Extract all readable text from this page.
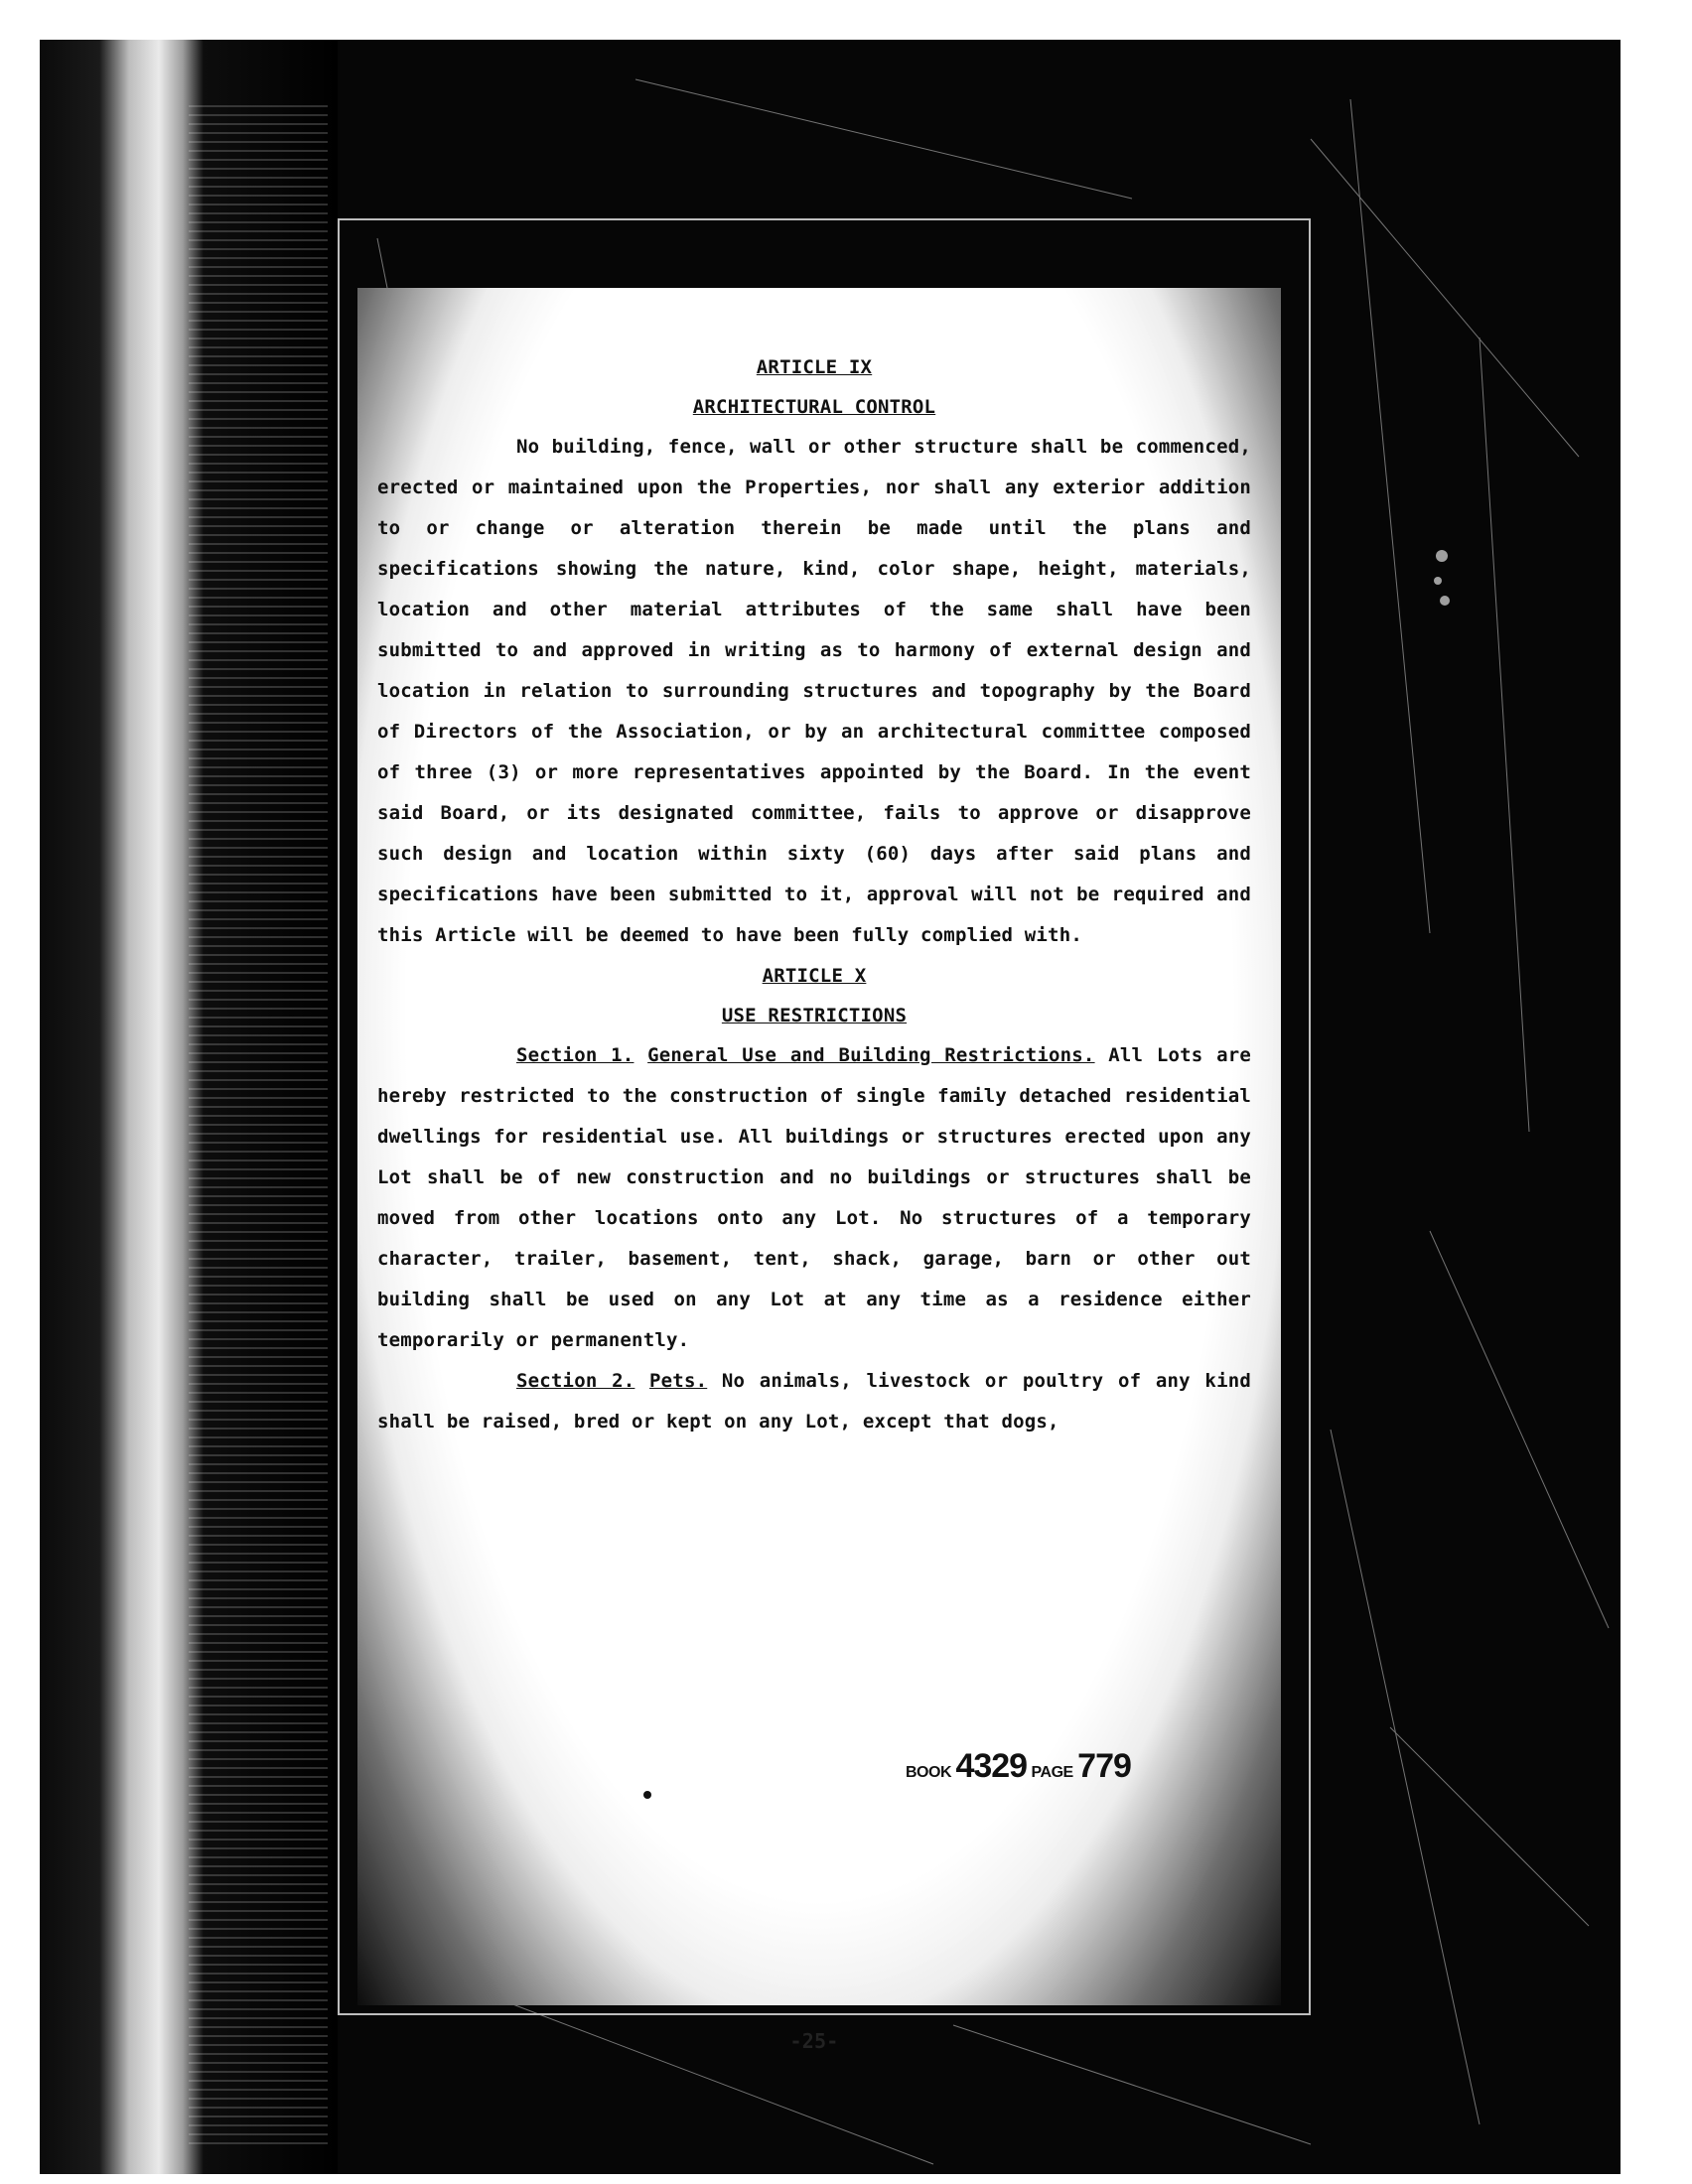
ARTICLE IX

ARCHITECTURAL CONTROL

No building, fence, wall or other structure shall be commenced, erected or maintained upon the Properties, nor shall any exterior addition to or change or alteration therein be made until the plans and specifications showing the nature, kind, color shape, height, materials, location and other material attributes of the same shall have been submitted to and approved in writing as to harmony of external design and location in relation to surrounding structures and topography by the Board of Directors of the Association, or by an architectural committee composed of three (3) or more representatives appointed by the Board. In the event said Board, or its designated committee, fails to approve or disapprove such design and location within sixty (60) days after said plans and specifications have been submitted to it, approval will not be required and this Article will be deemed to have been fully complied with.

ARTICLE X

USE RESTRICTIONS

Section 1. General Use and Building Restrictions. All Lots are hereby restricted to the construction of single family detached residential dwellings for residential use. All buildings or structures erected upon any Lot shall be of new construction and no buildings or structures shall be moved from other locations onto any Lot. No structures of a temporary character, trailer, basement, tent, shack, garage, barn or other out building shall be used on any Lot at any time as a residence either temporarily or permanently.

Section 2. Pets. No animals, livestock or poultry of any kind shall be raised, bred or kept on any Lot, except that dogs,

-25-
BOOK 4329 PAGE 779
